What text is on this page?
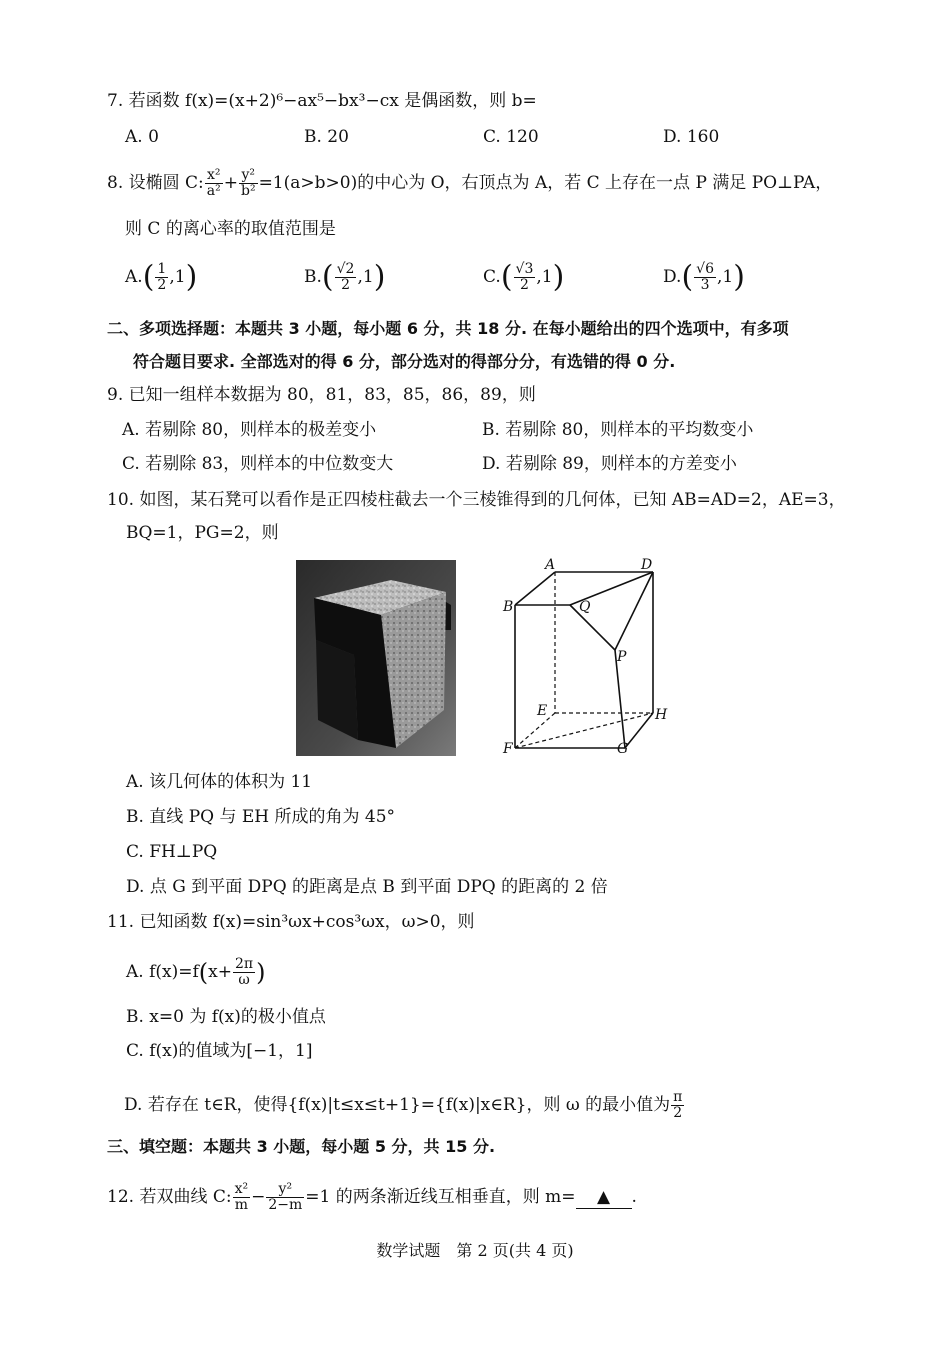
7. 若函数 f(x)=(x+2)⁶−ax⁵−bx³−cx 是偶函数，则 b=
A. 0	B. 20	C. 120	D. 160
8. 设椭圆 C: $\frac{\text{x²}}{\text{a²}} + \frac{\text{y²}}{\text{b²}} =1(a>b>0)$的中心为 O，右顶点为 A，若 C 上存在一点 P 满足 PO⊥PA，
则 C 的离心率的取值范围是
$A.( \frac{1}{2} ,1)$	$B.( \frac{√2}{2} ,1)$	$C.( \frac{√3}{2} ,1)$	$D.( \frac{√6}{3} ,1)$
二、多项选择题：本题共 3 小题，每小题 6 分，共 18 分. 在每小题给出的四个选项中，有多项
符合题目要求. 全部选对的得 6 分，部分选对的得部分分，有选错的得 0 分.
9. 已知一组样本数据为 80，81，83，85，86，89，则
A. 若剔除 80，则样本的极差变小	B. 若剔除 80，则样本的平均数变小
C. 若剔除 83，则样本的中位数变大	D. 若剔除 89，则样本的方差变小
10. 如图，某石凳可以看作是正四棱柱截去一个三棱锥得到的几何体，已知 AB=AD=2，AE=3，
BQ=1，PG=2，则
A	D
B	Q
P
E	H
F	G
A. 该几何体的体积为 11
B. 直线 PQ 与 EH 所成的角为 45°
C. FH⊥PQ
D. 点 G 到平面 DPQ 的距离是点 B 到平面 DPQ 的距离的 2 倍
11. 已知函数 f(x)=sin³ωx+cos³ωx，ω>0，则
A. $f(x)=f(x+ \frac{2\pi}{\omega}$ )
B. x=0 为 f(x)的极小值点
C. f(x)的值域为[−1，1]
D. 若存在 t∈R，使得{f(x)|t≤x≤t+1}={f(x)|x∈R}，则 ω 的最小值为 $\frac{\pi}{2}$
三、填空题：本题共 3 小题，每小题 5 分，共 15 分.
12. 若双曲线 C: $\frac{\text{x²}}{m} - \frac{\text{y²}}{2-m} =1$ 的两条渐近线互相垂直，则 m= ▲ .
数学试题　第 2 页(共 4 页)
